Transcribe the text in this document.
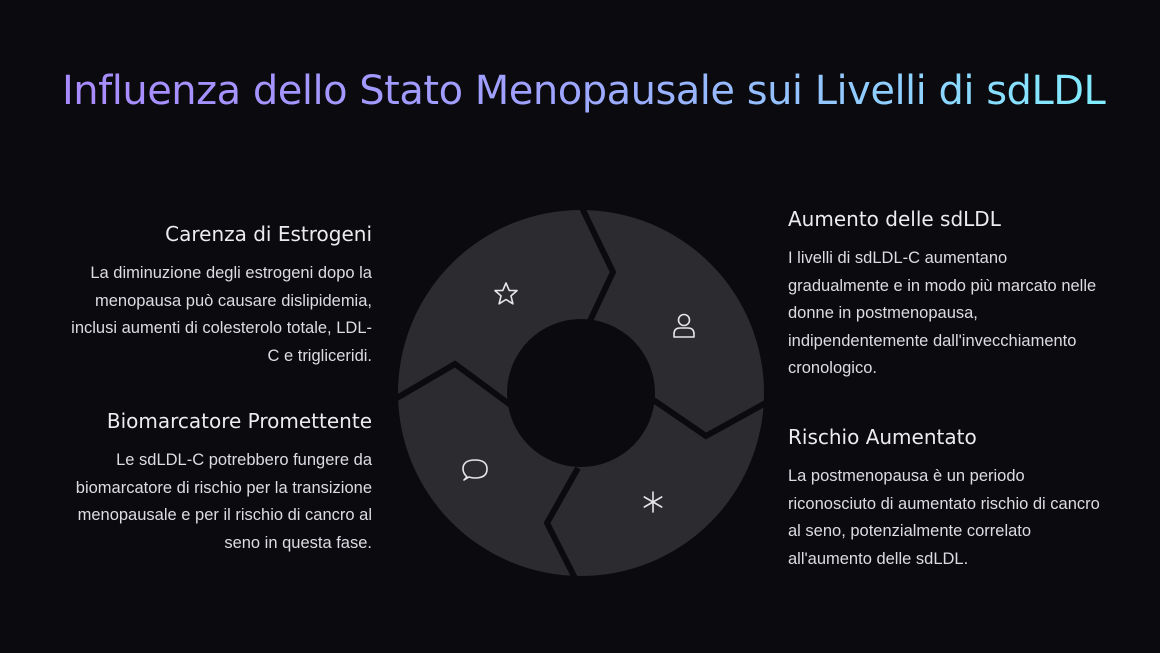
Influenza dello Stato Menopausale sui Livelli di sdLDL
Carenza di Estrogeni

La diminuzione degli estrogeni dopo la menopausa può causare dislipidemia, inclusi aumenti di colesterolo totale, LDL-C e trigliceridi.

Biomarcatore Promettente

Le sdLDL-C potrebbero fungere da biomarcatore di rischio per la transizione menopausale e per il rischio di cancro al seno in questa fase.

Aumento delle sdLDL

I livelli di sdLDL-C aumentano gradualmente e in modo più marcato nelle donne in postmenopausa, indipendentemente dall'invecchiamento cronologico.

Rischio Aumentato

La postmenopausa è un periodo riconosciuto di aumentato rischio di cancro al seno, potenzialmente correlato all'aumento delle sdLDL.
